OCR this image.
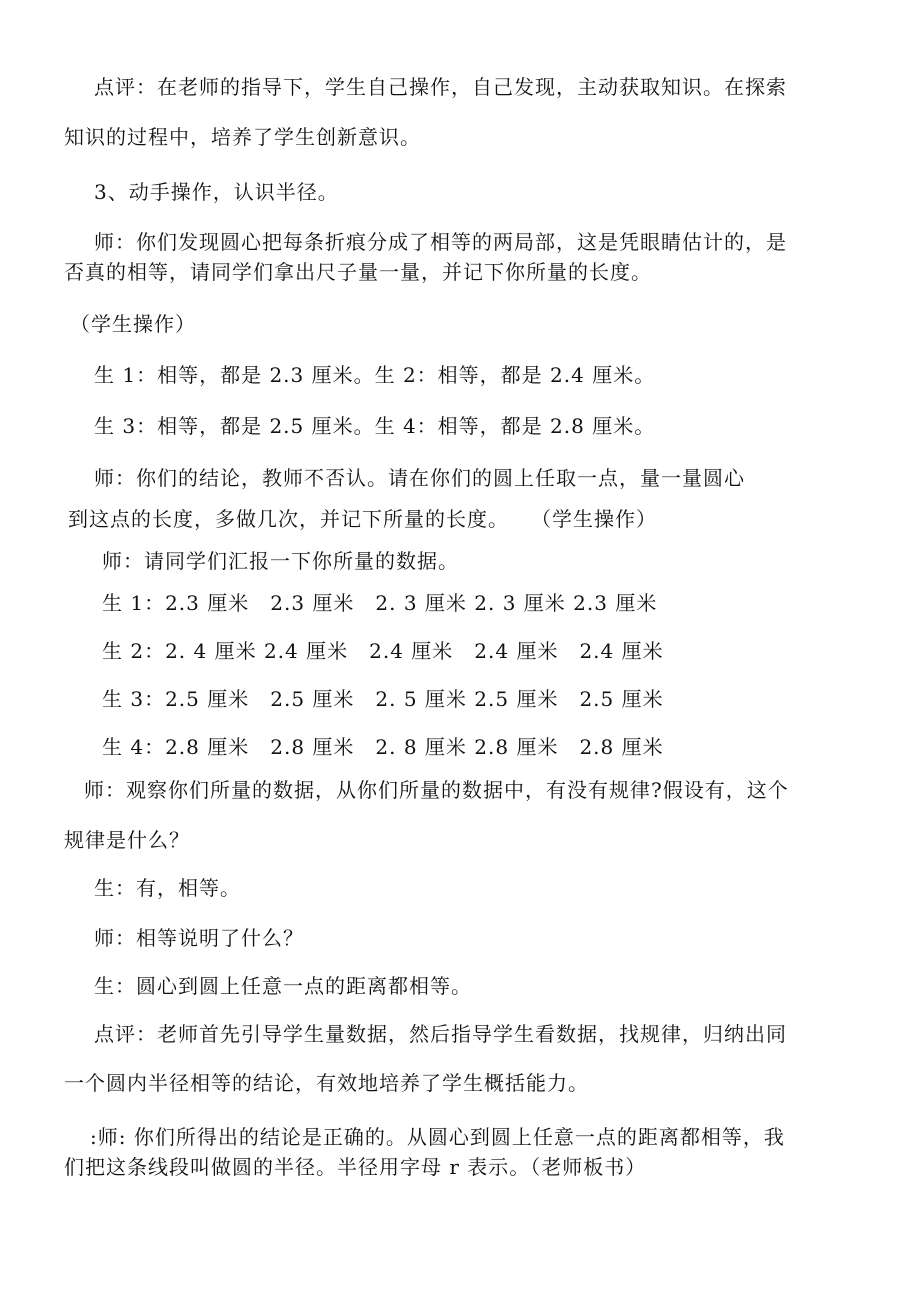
点评：在老师的指导下，学生自己操作，自己发现，主动获取知识。在探索
知识的过程中，培养了学生创新意识。
3、动手操作，认识半径。
师：你们发现圆心把每条折痕分成了相等的两局部，这是凭眼睛估计的，是
否真的相等，请同学们拿出尺子量一量，并记下你所量的长度。
（学生操作）
生 1：相等，都是 2.3 厘米。生 2：相等，都是 2.4 厘米。
生 3：相等，都是 2.5 厘米。生 4：相等，都是 2.8 厘米。
师：你们的结论，教师不否认。请在你们的圆上任取一点，量一量圆心
到这点的长度，多做几次，并记下所量的长度。　　（学生操作）
师：请同学们汇报一下你所量的数据。
生 1：2.3 厘米　2.3 厘米　2. 3 厘米 2. 3 厘米 2.3 厘米
生 2：2. 4 厘米 2.4 厘米　2.4 厘米　2.4 厘米　2.4 厘米
生 3：2.5 厘米　2.5 厘米　2. 5 厘米 2.5 厘米　2.5 厘米
生 4：2.8 厘米　2.8 厘米　2. 8 厘米 2.8 厘米　2.8 厘米
师：观察你们所量的数据，从你们所量的数据中，有没有规律?假设有，这个
规律是什么？
生：有，相等。
师：相等说明了什么？
生：圆心到圆上任意一点的距离都相等。
点评：老师首先引导学生量数据，然后指导学生看数据，找规律，归纳出同
一个圆内半径相等的结论，有效地培养了学生概括能力。
:师: 你们所得出的结论是正确的。从圆心到圆上任意一点的距离都相等，我
们把这条线段叫做圆的半径。半径用字母 r 表示。（老师板书）
